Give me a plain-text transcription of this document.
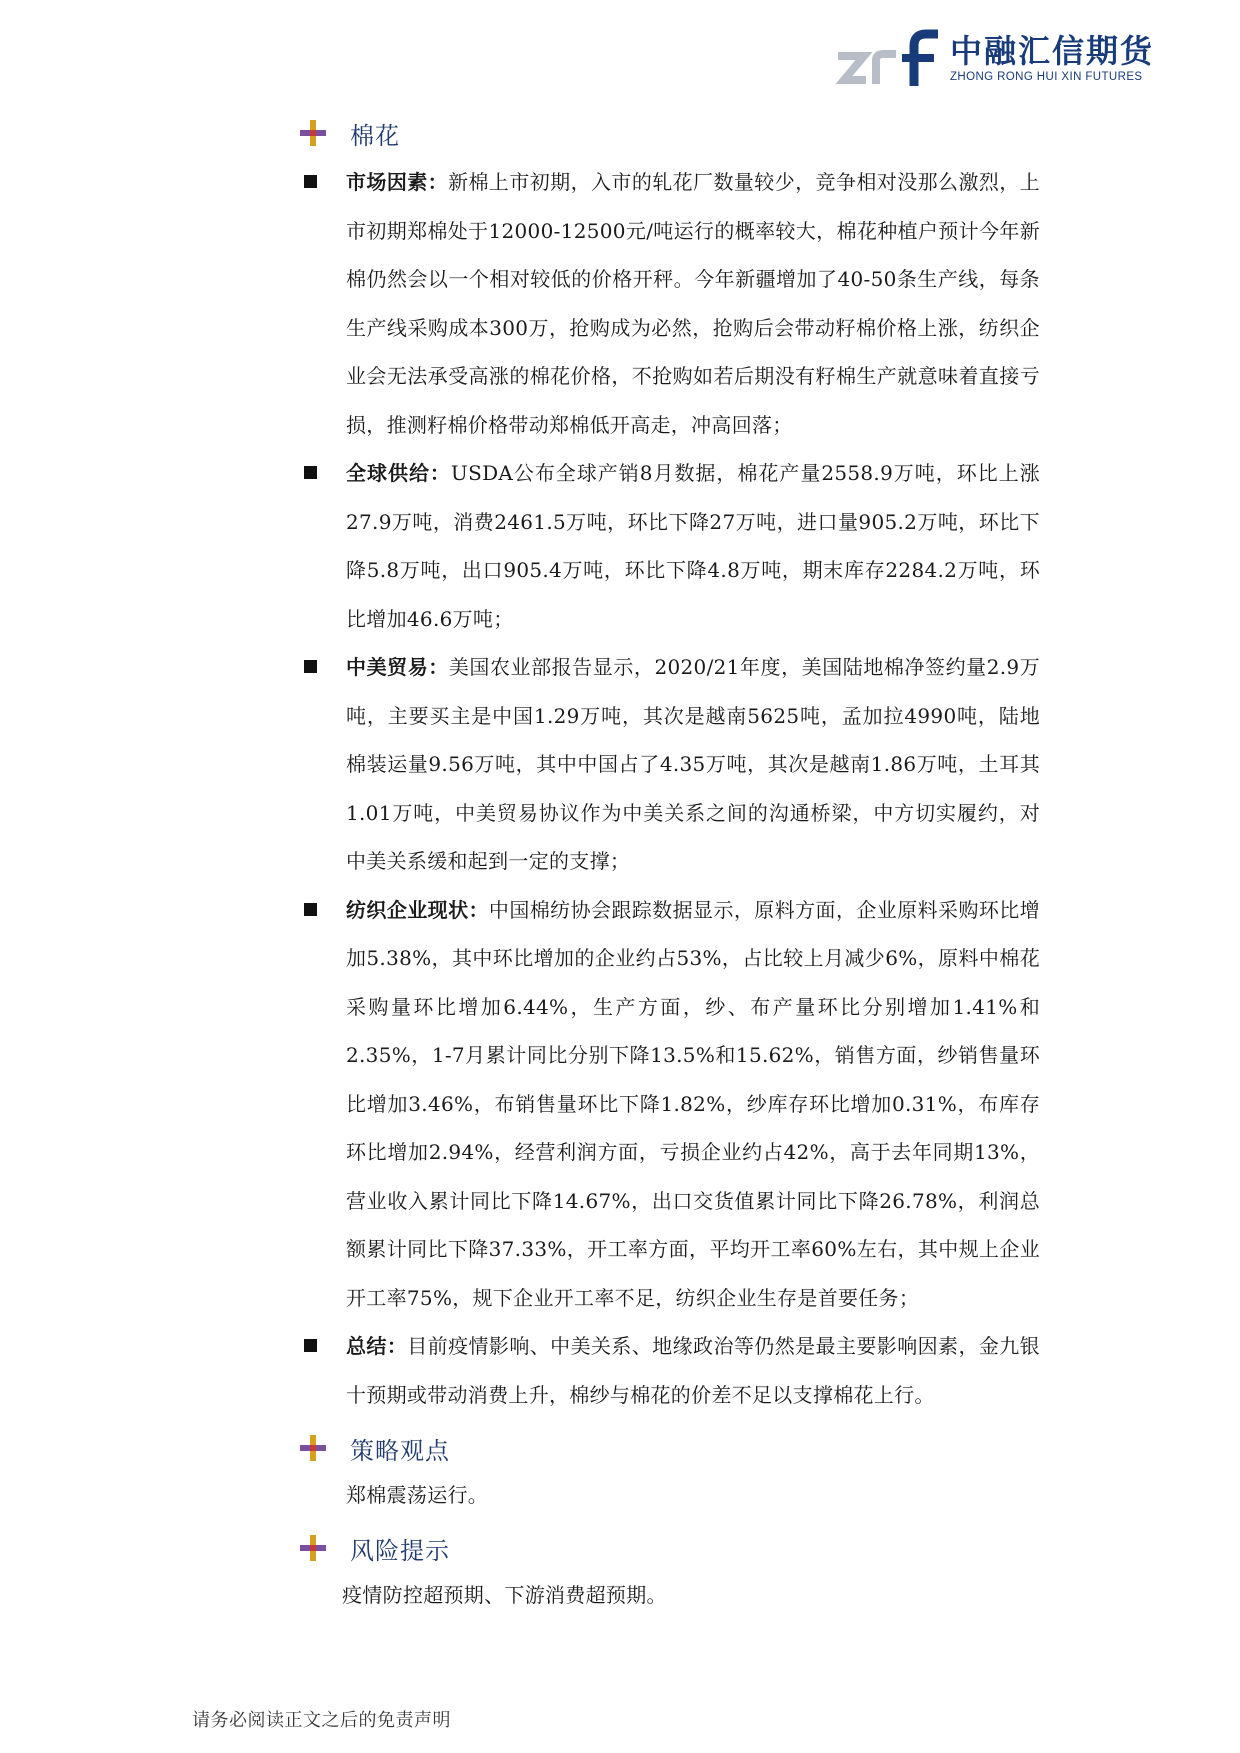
中融汇信期货
ZHONG RONG HUI XIN FUTURES
棉花

市场因素：新棉上市初期，入市的轧花厂数量较少，竞争相对没那么激烈，上市初期郑棉处于12000-12500元/吨运行的概率较大，棉花种植户预计今年新棉仍然会以一个相对较低的价格开秤。今年新疆增加了40-50条生产线，每条生产线采购成本300万，抢购成为必然，抢购后会带动籽棉价格上涨，纺织企业会无法承受高涨的棉花价格，不抢购如若后期没有籽棉生产就意味着直接亏损，推测籽棉价格带动郑棉低开高走，冲高回落；

全球供给：USDA公布全球产销8月数据，棉花产量2558.9万吨，环比上涨27.9万吨，消费2461.5万吨，环比下降27万吨，进口量905.2万吨，环比下降5.8万吨，出口905.4万吨，环比下降4.8万吨，期末库存2284.2万吨，环比增加46.6万吨；

中美贸易：美国农业部报告显示，2020/21年度，美国陆地棉净签约量2.9万吨，主要买主是中国1.29万吨，其次是越南5625吨，孟加拉4990吨，陆地棉装运量9.56万吨，其中中国占了4.35万吨，其次是越南1.86万吨，土耳其1.01万吨，中美贸易协议作为中美关系之间的沟通桥梁，中方切实履约，对中美关系缓和起到一定的支撑；

纺织企业现状：中国棉纺协会跟踪数据显示，原料方面，企业原料采购环比增加5.38%，其中环比增加的企业约占53%，占比较上月减少6%，原料中棉花采购量环比增加6.44%，生产方面，纱、布产量环比分别增加1.41%和2.35%，1-7月累计同比分别下降13.5%和15.62%，销售方面，纱销售量环比增加3.46%，布销售量环比下降1.82%，纱库存环比增加0.31%，布库存环比增加2.94%，经营利润方面，亏损企业约占42%，高于去年同期13%，营业收入累计同比下降14.67%，出口交货值累计同比下降26.78%，利润总额累计同比下降37.33%，开工率方面，平均开工率60%左右，其中规上企业开工率75%，规下企业开工率不足，纺织企业生存是首要任务；

总结：目前疫情影响、中美关系、地缘政治等仍然是最主要影响因素，金九银十预期或带动消费上升，棉纱与棉花的价差不足以支撑棉花上行。

策略观点

郑棉震荡运行。

风险提示

疫情防控超预期、下游消费超预期。

请务必阅读正文之后的免责声明
